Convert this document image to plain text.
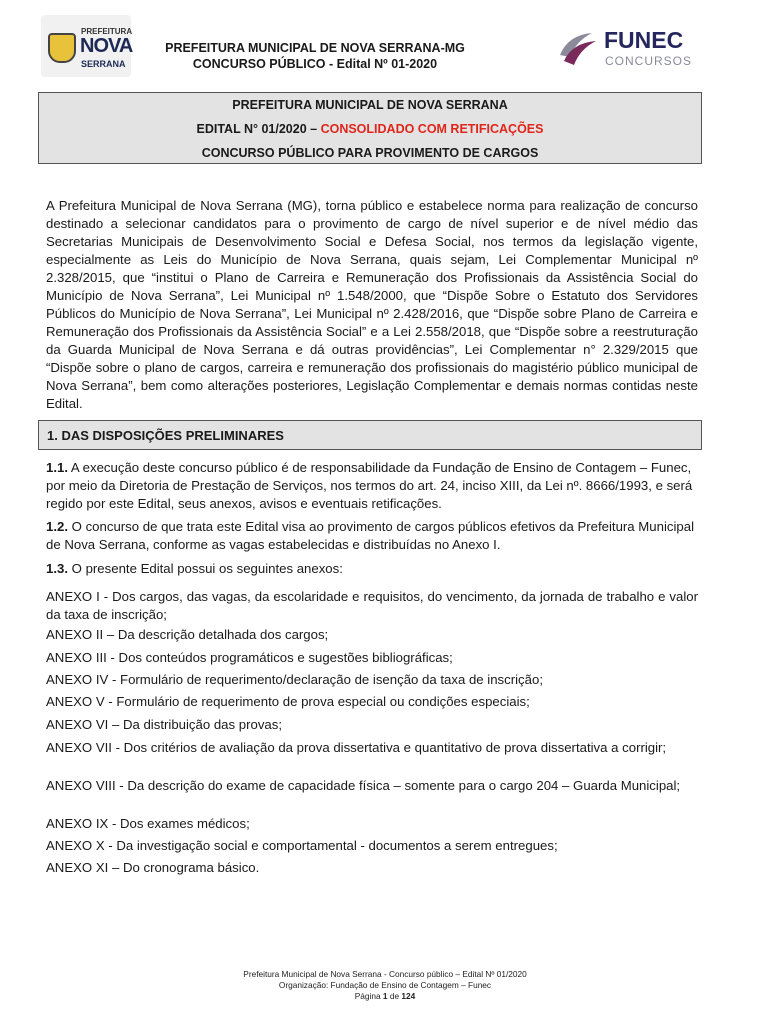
PREFEITURA
NOVA
SERRANA
PREFEITURA MUNICIPAL DE NOVA SERRANA-MG
CONCURSO PÚBLICO - Edital Nº 01-2020
FUNEC
CONCURSOS
PREFEITURA MUNICIPAL DE NOVA SERRANA
EDITAL N° 01/2020 – CONSOLIDADO COM RETIFICAÇÕES
CONCURSO PÚBLICO PARA PROVIMENTO DE CARGOS

A Prefeitura Municipal de Nova Serrana (MG), torna público e estabelece norma para realização de concurso destinado a selecionar candidatos para o provimento de cargo de nível superior e de nível médio das Secretarias Municipais de Desenvolvimento Social e Defesa Social, nos termos da legislação vigente, especialmente as Leis do Município de Nova Serrana, quais sejam, Lei Complementar Municipal nº 2.328/2015, que “institui o Plano de Carreira e Remuneração dos Profissionais da Assistência Social do Município de Nova Serrana”, Lei Municipal nº 1.548/2000, que “Dispõe Sobre o Estatuto dos Servidores Públicos do Município de Nova Serrana”, Lei Municipal nº 2.428/2016, que “Dispõe sobre Plano de Carreira e Remuneração dos Profissionais da Assistência Social” e a Lei 2.558/2018, que “Dispõe sobre a reestruturação da Guarda Municipal de Nova Serrana e dá outras providências”, Lei Complementar n° 2.329/2015 que “Dispõe sobre o plano de cargos, carreira e remuneração dos profissionais do magistério público municipal de Nova Serrana”, bem como alterações posteriores, Legislação Complementar e demais normas contidas neste Edital.

1. DAS DISPOSIÇÕES PRELIMINARES

1.1. A execução deste concurso público é de responsabilidade da Fundação de Ensino de Contagem – Funec, por meio da Diretoria de Prestação de Serviços, nos termos do art. 24, inciso XIII, da Lei nº. 8666/1993, e será regido por este Edital, seus anexos, avisos e eventuais retificações.

1.2. O concurso de que trata este Edital visa ao provimento de cargos públicos efetivos da Prefeitura Municipal de Nova Serrana, conforme as vagas estabelecidas e distribuídas no Anexo I.

1.3. O presente Edital possui os seguintes anexos:

ANEXO I - Dos cargos, das vagas, da escolaridade e requisitos, do vencimento, da jornada de trabalho e valor da taxa de inscrição;

ANEXO II – Da descrição detalhada dos cargos;

ANEXO III - Dos conteúdos programáticos e sugestões bibliográficas;

ANEXO IV - Formulário de requerimento/declaração de isenção da taxa de inscrição;

ANEXO V - Formulário de requerimento de prova especial ou condições especiais;

ANEXO VI – Da distribuição das provas;

ANEXO VII - Dos critérios de avaliação da prova dissertativa e quantitativo de prova dissertativa a corrigir;

ANEXO VIII - Da descrição do exame de capacidade física – somente para o cargo 204 – Guarda Municipal;

ANEXO IX - Dos exames médicos;

ANEXO X - Da investigação social e comportamental - documentos a serem entregues;

ANEXO XI – Do cronograma básico.

Prefeitura Municipal de Nova Serrana - Concurso público – Edital Nº 01/2020
Organização: Fundação de Ensino de Contagem – Funec
Página 1 de 124
